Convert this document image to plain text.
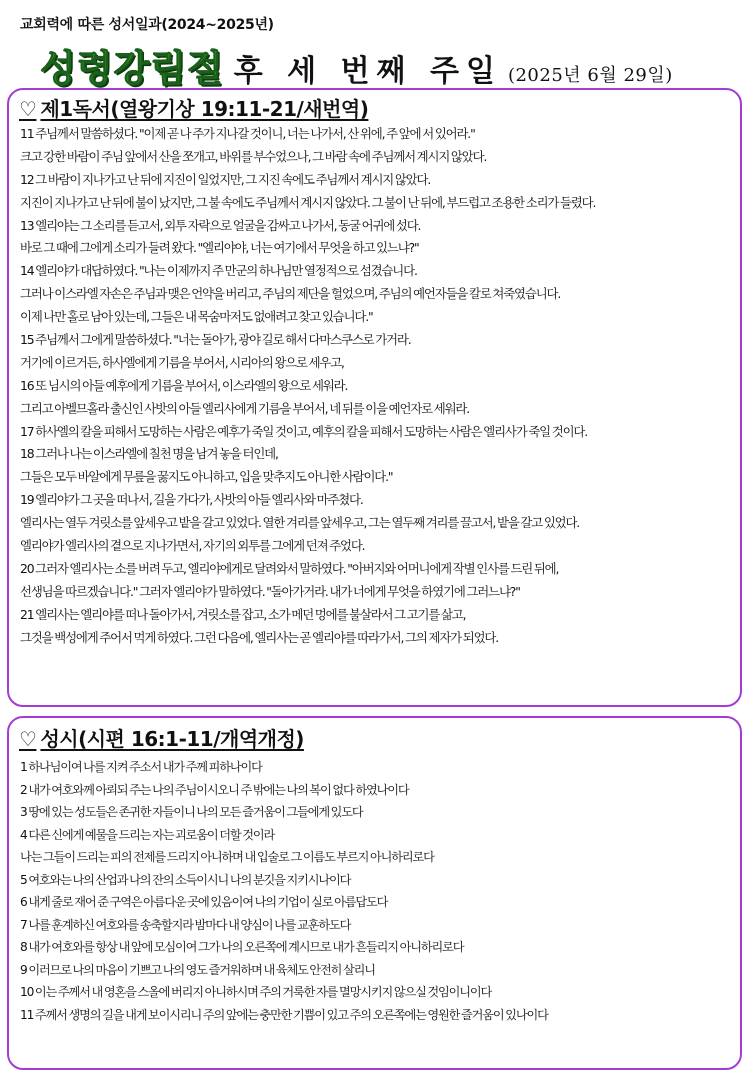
교회력에 따른 성서일과(2024~2025년)
성령강림절 후 세 번째 주일 (2025년 6월 29일)
♡ 제1독서(열왕기상 19:11-21/새번역)
11 주님께서 말씀하셨다. "이제 곧 나 주가 지나갈 것이니, 너는 나가서, 산 위에, 주 앞에 서 있어라."
크고 강한 바람이 주님 앞에서 산을 쪼개고, 바위를 부수었으나, 그 바람 속에 주님께서 계시지 않았다.
12 그 바람이 지나가고 난 뒤에 지진이 일었지만, 그 지진 속에도 주님께서 계시지 않았다.
지진이 지나가고 난 뒤에 불이 났지만, 그 불 속에도 주님께서 계시지 않았다. 그 불이 난 뒤에, 부드럽고 조용한 소리가 들렸다.
13 엘리야는 그 소리를 듣고서, 외투 자락으로 얼굴을 감싸고 나가서, 동굴 어귀에 섰다.
바로 그 때에 그에게 소리가 들려 왔다. "엘리야야, 너는 여기에서 무엇을 하고 있느냐?"
14 엘리야가 대답하였다. "나는 이제까지 주 만군의 하나님만 열정적으로 섬겼습니다.
그러나 이스라엘 자손은 주님과 맺은 언약을 버리고, 주님의 제단을 헐었으며, 주님의 예언자들을 칼로 쳐죽였습니다.
이제 나만 홀로 남아 있는데, 그들은 내 목숨마저도 없애려고 찾고 있습니다."
15 주님께서 그에게 말씀하셨다. "너는 돌아가, 광야 길로 해서 다마스쿠스로 가거라.
거기에 이르거든, 하사엘에게 기름을 부어서, 시리아의 왕으로 세우고,
16 또 님시의 아들 예후에게 기름을 부어서, 이스라엘의 왕으로 세워라.
그리고 아벨므홀라 출신인 사밧의 아들 엘리사에게 기름을 부어서, 네 뒤를 이을 예언자로 세워라.
17 하사엘의 칼을 피해서 도망하는 사람은 예후가 죽일 것이고, 예후의 칼을 피해서 도망하는 사람은 엘리사가 죽일 것이다.
18 그러나 나는 이스라엘에 칠천 명을 남겨 놓을 터인데,
그들은 모두 바알에게 무릎을 꿇지도 아니하고, 입을 맞추지도 아니한 사람이다."
19 엘리야가 그 곳을 떠나서, 길을 가다가, 사밧의 아들 엘리사와 마주쳤다.
엘리사는 열두 겨릿소를 앞세우고 밭을 갈고 있었다. 열한 겨리를 앞세우고, 그는 열두째 겨리를 끌고서, 밭을 갈고 있었다.
엘리야가 엘리사의 곁으로 지나가면서, 자기의 외투를 그에게 던져 주었다.
20 그러자 엘리사는 소를 버려 두고, 엘리야에게로 달려와서 말하였다. "아버지와 어머니에게 작별 인사를 드린 뒤에,
선생님을 따르겠습니다." 그러자 엘리야가 말하였다. "돌아가거라. 내가 너에게 무엇을 하였기에 그러느냐?"
21 엘리사는 엘리야를 떠나 돌아가서, 겨릿소를 잡고, 소가 메던 멍에를 불살라서 그 고기를 삶고,
그것을 백성에게 주어서 먹게 하였다. 그런 다음에, 엘리사는 곧 엘리야를 따라가서, 그의 제자가 되었다.
♡ 성시(시편 16:1-11/개역개정)
1 하나님이여 나를 지켜 주소서 내가 주께 피하나이다
2 내가 여호와께 아뢰되 주는 나의 주님이시오니 주 밖에는 나의 복이 없다 하였나이다
3 땅에 있는 성도들은 존귀한 자들이니 나의 모든 즐거움이 그들에게 있도다
4 다른 신에게 예물을 드리는 자는 괴로움이 더할 것이라
나는 그들이 드리는 피의 전제를 드리지 아니하며 내 입술로 그 이름도 부르지 아니하리로다
5 여호와는 나의 산업과 나의 잔의 소득이시니 나의 분깃을 지키시나이다
6 내게 줄로 재어 준 구역은 아름다운 곳에 있음이여 나의 기업이 실로 아름답도다
7 나를 훈계하신 여호와를 송축할지라 밤마다 내 양심이 나를 교훈하도다
8 내가 여호와를 항상 내 앞에 모심이여 그가 나의 오른쪽에 계시므로 내가 흔들리지 아니하리로다
9 이러므로 나의 마음이 기쁘고 나의 영도 즐거워하며 내 육체도 안전히 살리니
10 이는 주께서 내 영혼을 스올에 버리지 아니하시며 주의 거룩한 자를 멸망시키지 않으실 것임이니이다
11 주께서 생명의 길을 내게 보이시리니 주의 앞에는 충만한 기쁨이 있고 주의 오른쪽에는 영원한 즐거움이 있나이다
